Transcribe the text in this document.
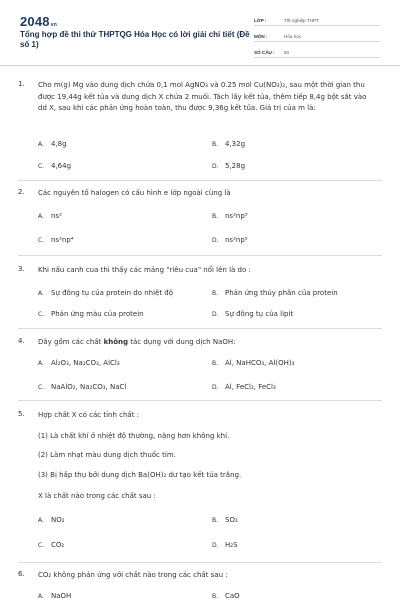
2048vn
Tổng hợp đề thi thử THPTQG Hóa Học có lời giải chi tiết (Đề số 1)
LỚP :	Tốt nghiệp THPT
MÔN :	Hóa học
SỐ CÂU : 50
1. Cho m(g) Mg vào dung dịch chứa 0,1 mol AgNO₃ và 0.25 mol Cu(NO₃)₂, sau một thời gian thu được 19,44g kết tủa và dung dịch X chứa 2 muối. Tách lấy kết tủa, thêm tiếp 8,4g bột sắt vào dd X, sau khi các phản ứng hoàn toàn, thu được 9,36g kết tủa. Giá trị của m là:
A. 4,8g	B. 4,32g
C. 4,64g	D. 5,28g
2. Các nguyên tố halogen có cấu hình e lớp ngoài cùng là
A. ns²	B. ns²np³
C. ns²np⁴	D. ns²np⁵
3. Khi nấu canh cua thì thấy các mảng "riêu cua" nổi lên là do :
A. Sự đông tụ của protein do nhiệt độ	B. Phản ứng thủy phân của protein
C. Phản ứng màu của protein	D. Sự đông tụ của lipit
4. Dãy gồm các chất không tác dụng với dung dịch NaOH:
A. Al₂O₃, Na₂CO₃, AlCl₃	B. Al, NaHCO₃, Al(OH)₃
C. NaAlO₂, Na₂CO₃, NaCl	D. Al, FeCl₂, FeCl₃
5. Hợp chất X có các tính chất :
(1) Là chất khí ở nhiệt độ thường, nặng hơn không khí.
(2) Làm nhạt màu dung dịch thuốc tím.
(3) Bị hấp thụ bởi dung dịch Ba(OH)₂ dư tạo kết tủa trắng.
X là chất nào trong các chất sau :
A. NO₂	B. SO₂
C. CO₂	D. H₂S
6. CO₂ không phản ứng với chất nào trong các chất sau :
A. NaOH	B. CaO
